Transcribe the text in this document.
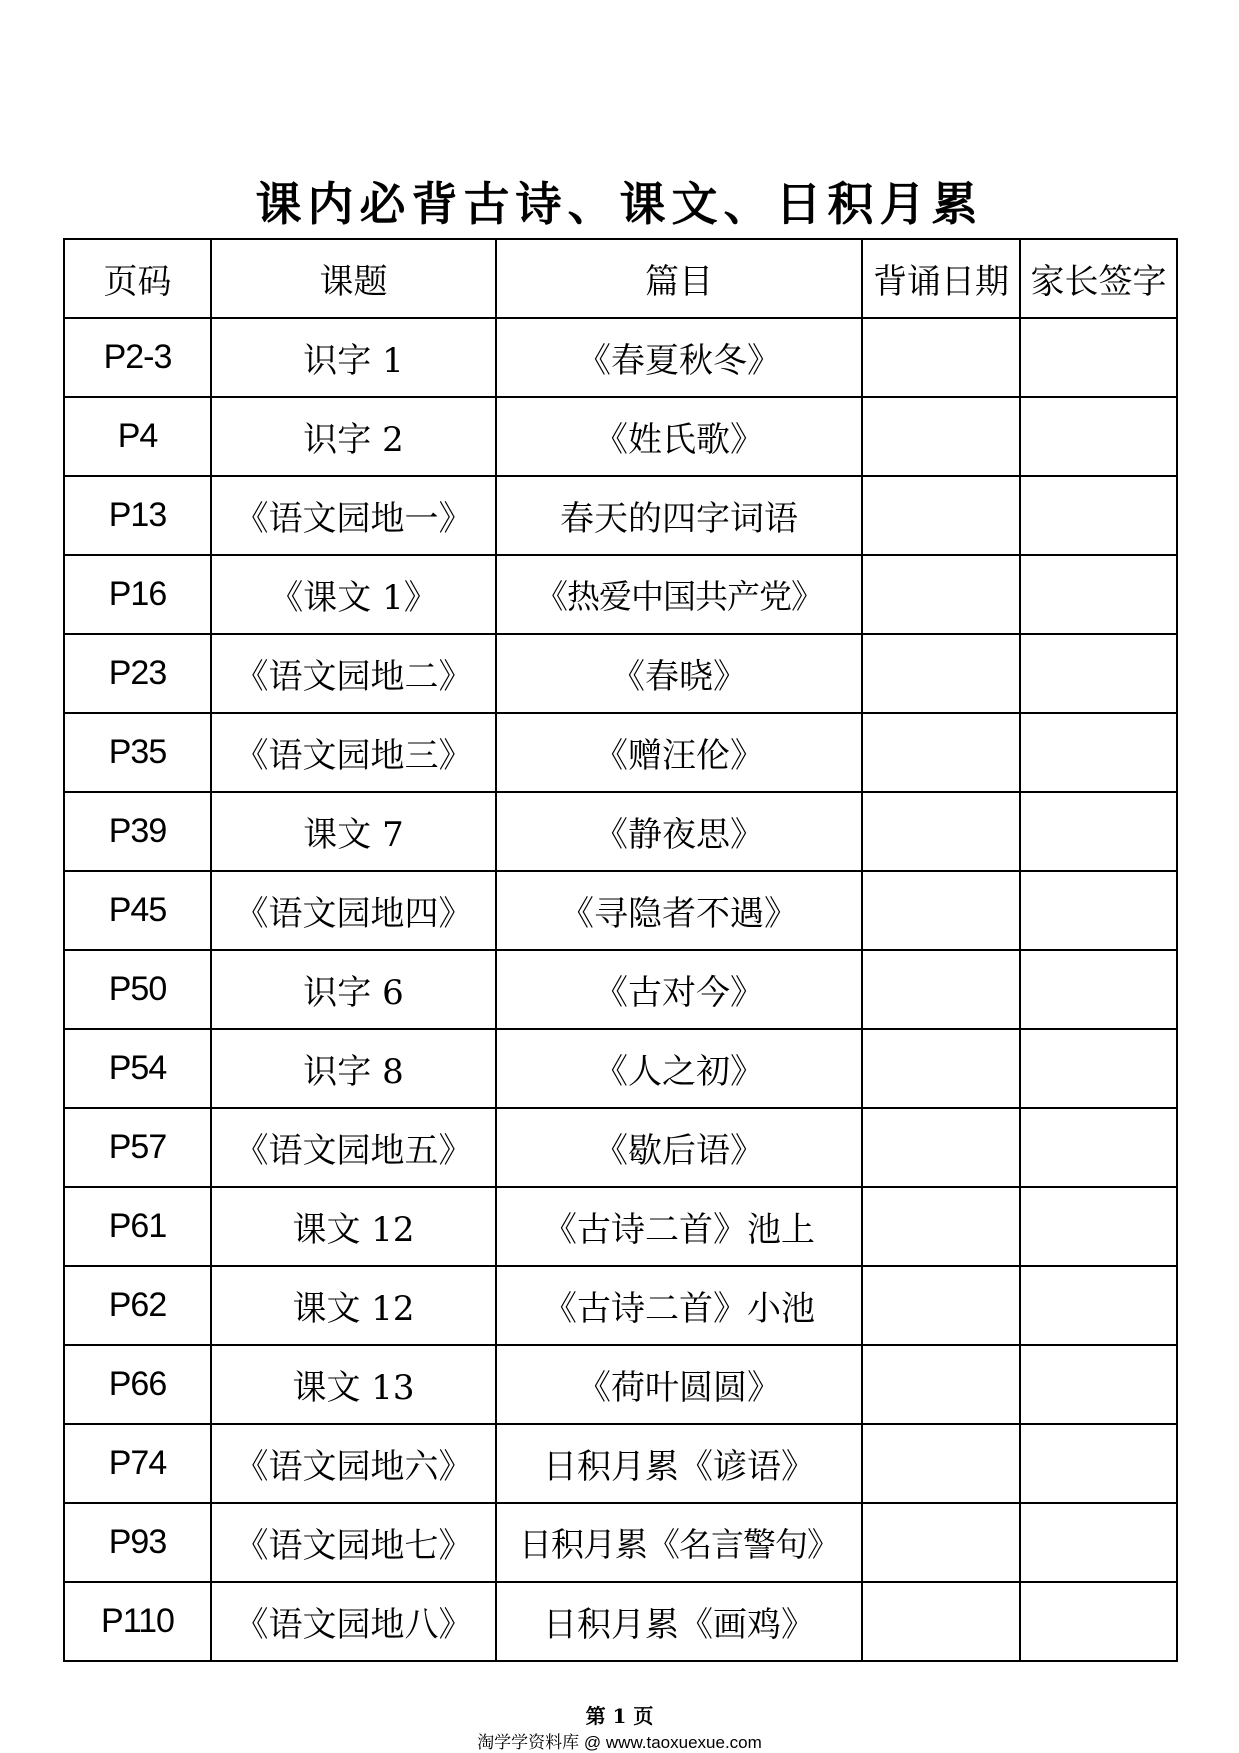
课内必背古诗、课文、日积月累
页码	课题	篇目	背诵日期	家长签字
P2-3	识字 1	《春夏秋冬》		
P4	识字 2	《姓氏歌》		
P13	《语文园地一》	春天的四字词语		
P16	《课文 1》	《热爱中国共产党》		
P23	《语文园地二》	《春晓》		
P35	《语文园地三》	《赠汪伦》		
P39	课文 7	《静夜思》		
P45	《语文园地四》	《寻隐者不遇》		
P50	识字 6	《古对今》		
P54	识字 8	《人之初》		
P57	《语文园地五》	《歇后语》		
P61	课文 12	《古诗二首》池上		
P62	课文 12	《古诗二首》小池		
P66	课文 13	《荷叶圆圆》		
P74	《语文园地六》	日积月累《谚语》		
P93	《语文园地七》	日积月累《名言警句》		
P110	《语文园地八》	日积月累《画鸡》		
第 1 页
淘学学资料库 @ www.taoxuexue.com
